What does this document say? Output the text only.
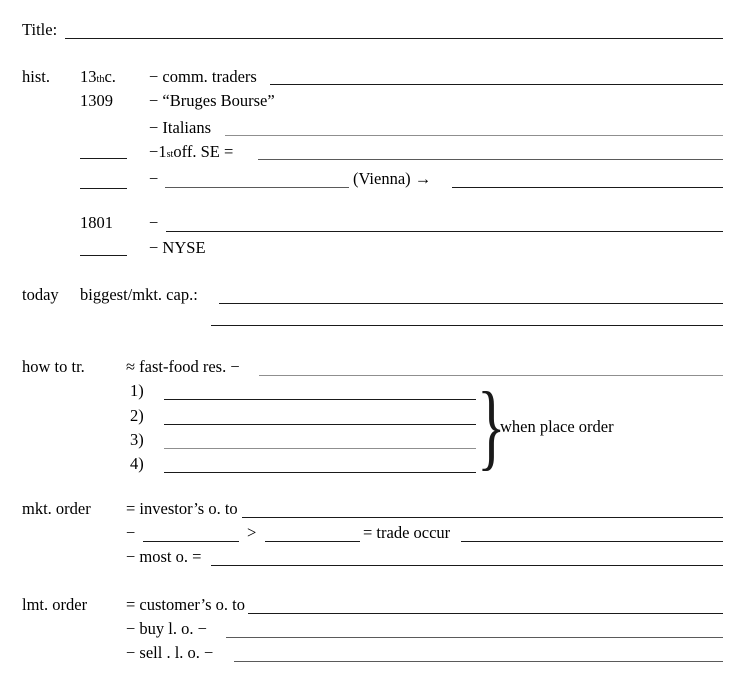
Title:
hist. 13 th c. − comm. traders
1309 − “Bruges Bourse”
− Italians
− 1 st off. SE =
−	(Vienna) →
1801 −
− NYSE
today biggest/mkt. cap.:
how to tr. ≈ fast-food res. −
1)
2)
3)
4)	}
when place order
mkt. order = investor’s o. to
−	>	= trade occur
− most o. =
lmt. order = customer’s o. to
− buy l. o. −
− sell . l. o. −
